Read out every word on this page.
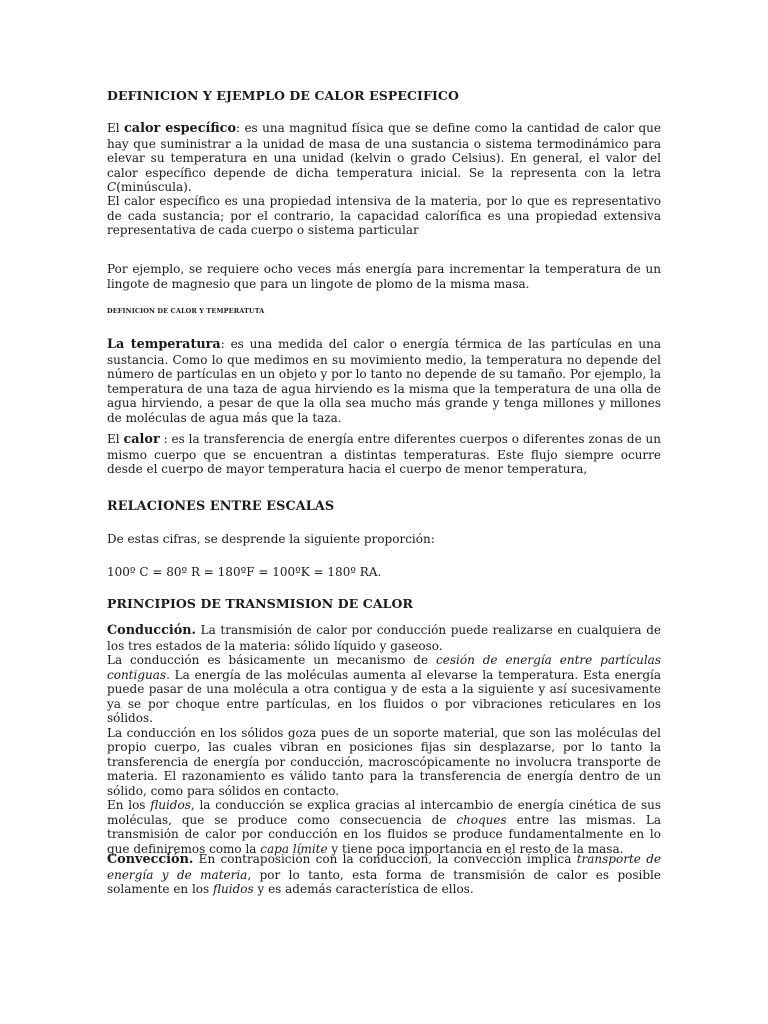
DEFINICION Y EJEMPLO DE CALOR ESPECIFICO

El calor específico: es una magnitud física que se define como la cantidad de calor que hay que suministrar a la unidad de masa de una sustancia o sistema termodinámico para elevar su temperatura en una unidad (kelvin o grado Celsius). En general, el valor del calor específico depende de dicha temperatura inicial. Se la representa con la letra C(minúscula).

El calor específico es una propiedad intensiva de la materia, por lo que es representativo de cada sustancia; por el contrario, la capacidad calorífica es una propiedad extensiva representativa de cada cuerpo o sistema particular

Por ejemplo, se requiere ocho veces más energía para incrementar la temperatura de un lingote de magnesio que para un lingote de plomo de la misma masa.

DEFINICION DE CALOR Y TEMPERATUTA

La temperatura: es una medida del calor o energía térmica de las partículas en una sustancia. Como lo que medimos en su movimiento medio, la temperatura no depende del número de partículas en un objeto y por lo tanto no depende de su tamaño. Por ejemplo, la temperatura de una taza de agua hirviendo es la misma que la temperatura de una olla de agua hirviendo, a pesar de que la olla sea mucho más grande y tenga millones y millones de moléculas de agua más que la taza.

El calor : es la transferencia de energía entre diferentes cuerpos o diferentes zonas de un mismo cuerpo que se encuentran a distintas temperaturas. Este flujo siempre ocurre desde el cuerpo de mayor temperatura hacia el cuerpo de menor temperatura,

RELACIONES ENTRE ESCALAS

De estas cifras, se desprende la siguiente proporción:

100º C = 80º R = 180ºF = 100ºK = 180º RA.

PRINCIPIOS DE TRANSMISION DE CALOR

Conducción. La transmisión de calor por conducción puede realizarse en cualquiera de los tres estados de la materia: sólido líquido y gaseoso.

La conducción es básicamente un mecanismo de cesión de energía entre partículas contiguas. La energía de las moléculas aumenta al elevarse la temperatura. Esta energía puede pasar de una molécula a otra contigua y de esta a la siguiente y así sucesivamente ya se por choque entre partículas, en los fluidos o por vibraciones reticulares en los sólidos.

La conducción en los sólidos goza pues de un soporte material, que son las moléculas del propio cuerpo, las cuales vibran en posiciones fijas sin desplazarse, por lo tanto la transferencia de energía por conducción, macroscópicamente no involucra transporte de materia. El razonamiento es válido tanto para la transferencia de energía dentro de un sólido, como para sólidos en contacto.

En los fluidos, la conducción se explica gracias al intercambio de energía cinética de sus moléculas, que se produce como consecuencia de choques entre las mismas. La transmisión de calor por conducción en los fluidos se produce fundamentalmente en lo que definiremos como la capa límite y tiene poca importancia en el resto de la masa.

Convección. En contraposición con la conducción, la convección implica transporte de energía y de materia, por lo tanto, esta forma de transmisión de calor es posible solamente en los fluidos y es además característica de ellos.
